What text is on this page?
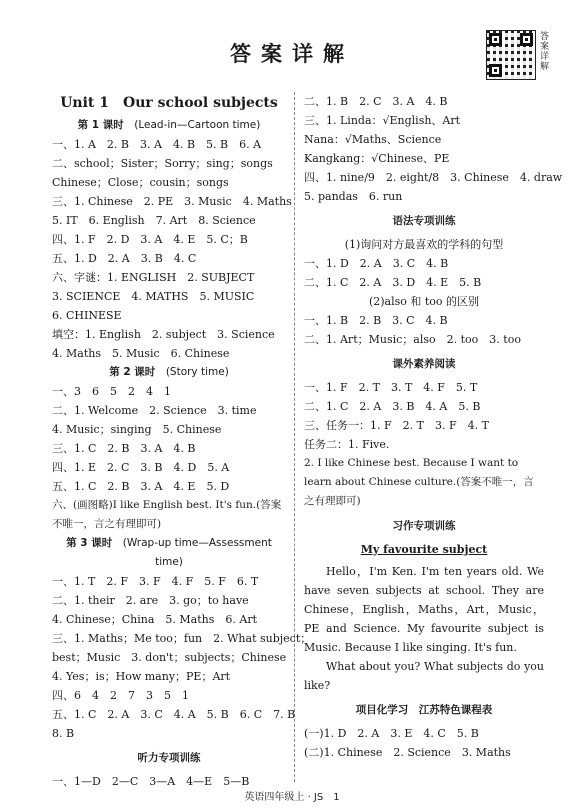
答案详解
答案详解
Unit 1　Our school subjects
第 1 课时　 (Lead-in—Cartoon time)
一、1. A　2. B　3. A　4. B　5. B　6. A
二、school；Sister；Sorry；sing；songs
Chinese；Close；cousin；songs
三、1. Chinese　2. PE　3. Music　4. Maths
5. IT　6. English　7. Art　8. Science
四、1. F　2. D　3. A　4. E　5. C；B
五、1. D　2. A　3. B　4. C
六、字谜：1. ENGLISH　2. SUBJECT
3. SCIENCE　4. MATHS　5. MUSIC
6. CHINESE
填空：1. English　2. subject　3. Science
4. Maths　5. Music　6. Chinese
第 2 课时　 (Story time)
一、3　6　5　2　4　1
二、1. Welcome　2. Science　3. time
4. Music；singing　5. Chinese
三、1. C　2. B　3. A　4. B
四、1. E　2. C　3. B　4. D　5. A
五、1. C　2. B　3. A　4. E　5. D
六、(画图略)I like English best. It's fun.(答案不唯一，言之有理即可)
第 3 课时　 (Wrap-up time—Assessment time)
一、1. T　2. F　3. F　4. F　5. F　6. T
二、1. their　2. are　3. go；to have
4. Chinese；China　5. Maths　6. Art
三、1. Maths；Me too；fun　2. What subject；
best；Music　3. don't；subjects；Chinese
4. Yes；is；How many；PE；Art
四、6　4　2　7　3　5　1
五、1. C　2. A　3. C　4. A　5. B　6. C　7. B
8. B
听力专项训练
一、1—D　2—C　3—A　4—E　5—B
二、1. B　2. C　3. A　4. B
三、1. Linda：√English、Art
Nana：√Maths、Science
Kangkang：√Chinese、PE
四、1. nine/9　2. eight/8　3. Chinese　4. draw
5. pandas　6. run
语法专项训练
(1)询问对方最喜欢的学科的句型
一、1. D　2. A　3. C　4. B
二、1. C　2. A　3. D　4. E　5. B
(2)also 和 too 的区别
一、1. B　2. B　3. C　4. B
二、1. Art；Music；also　2. too　3. too
课外素养阅读
一、1. F　2. T　3. T　4. F　5. T
二、1. C　2. A　3. B　4. A　5. B
三、任务一：1. F　2. T　3. F　4. T
任务二：1. Five.
2. I like Chinese best. Because I want to learn about Chinese culture.(答案不唯一，言之有理即可)
习作专项训练
My favourite subject

Hello，I'm Ken. I'm ten years old. We have seven subjects at school. They are Chinese，English，Maths，Art，Music，PE and Science. My favourite subject is Music. Because I like singing. It's fun.

What about you? What subjects do you like?

项目化学习　江苏特色课程表
(一)1. D　2. A　3. E　4. C　5. B
(二)1. Chinese　2. Science　3. Maths
英语四年级上 · JS　1
